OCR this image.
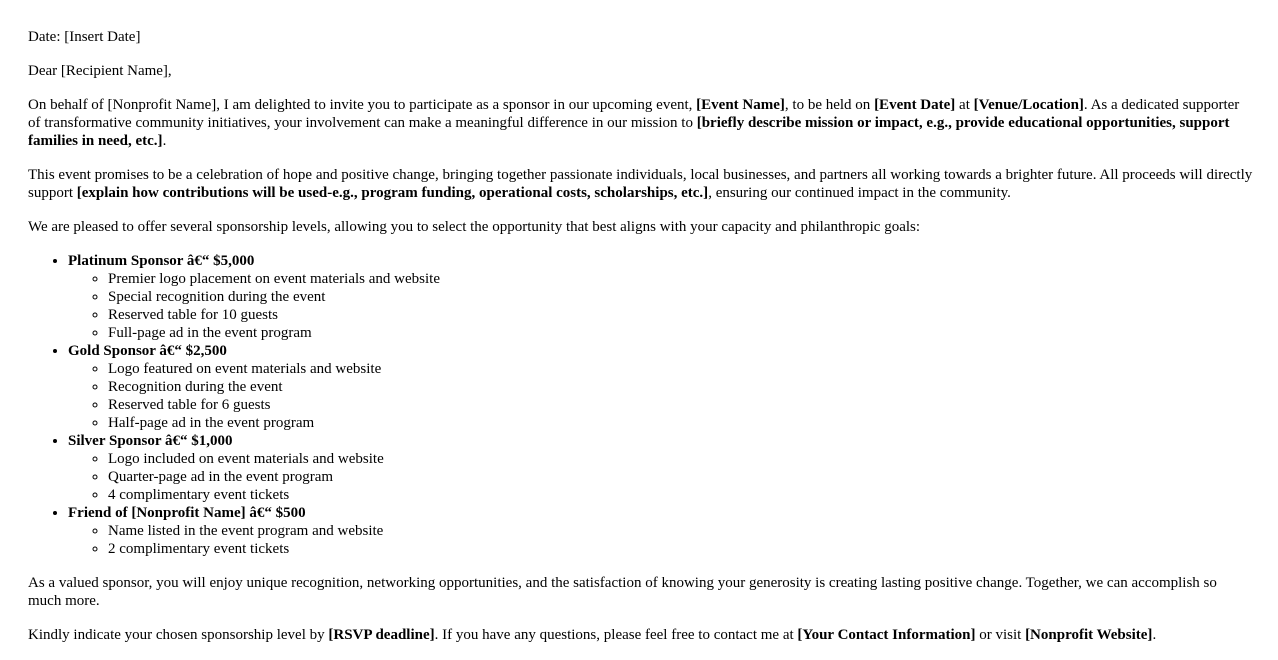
Date: [Insert Date]

Dear [Recipient Name],

On behalf of [Nonprofit Name], I am delighted to invite you to participate as a sponsor in our upcoming event, [Event Name], to be held on [Event Date] at [Venue/Location]. As a dedicated supporter of transformative community initiatives, your involvement can make a meaningful difference in our mission to [briefly describe mission or impact, e.g., provide educational opportunities, support families in need, etc.].

This event promises to be a celebration of hope and positive change, bringing together passionate individuals, local businesses, and partners all working towards a brighter future. All proceeds will directly support [explain how contributions will be used-e.g., program funding, operational costs, scholarships, etc.], ensuring our continued impact in the community.

We are pleased to offer several sponsorship levels, allowing you to select the opportunity that best aligns with your capacity and philanthropic goals:

• Platinum Sponsor â€“ $5,000
◦ Premier logo placement on event materials and website
◦ Special recognition during the event
◦ Reserved table for 10 guests
◦ Full-page ad in the event program
• Gold Sponsor â€“ $2,500
◦ Logo featured on event materials and website
◦ Recognition during the event
◦ Reserved table for 6 guests
◦ Half-page ad in the event program
• Silver Sponsor â€“ $1,000
◦ Logo included on event materials and website
◦ Quarter-page ad in the event program
◦ 4 complimentary event tickets
• Friend of [Nonprofit Name] â€“ $500
◦ Name listed in the event program and website
◦ 2 complimentary event tickets

As a valued sponsor, you will enjoy unique recognition, networking opportunities, and the satisfaction of knowing your generosity is creating lasting positive change. Together, we can accomplish so much more.

Kindly indicate your chosen sponsorship level by [RSVP deadline]. If you have any questions, please feel free to contact me at [Your Contact Information] or visit [Nonprofit Website].
